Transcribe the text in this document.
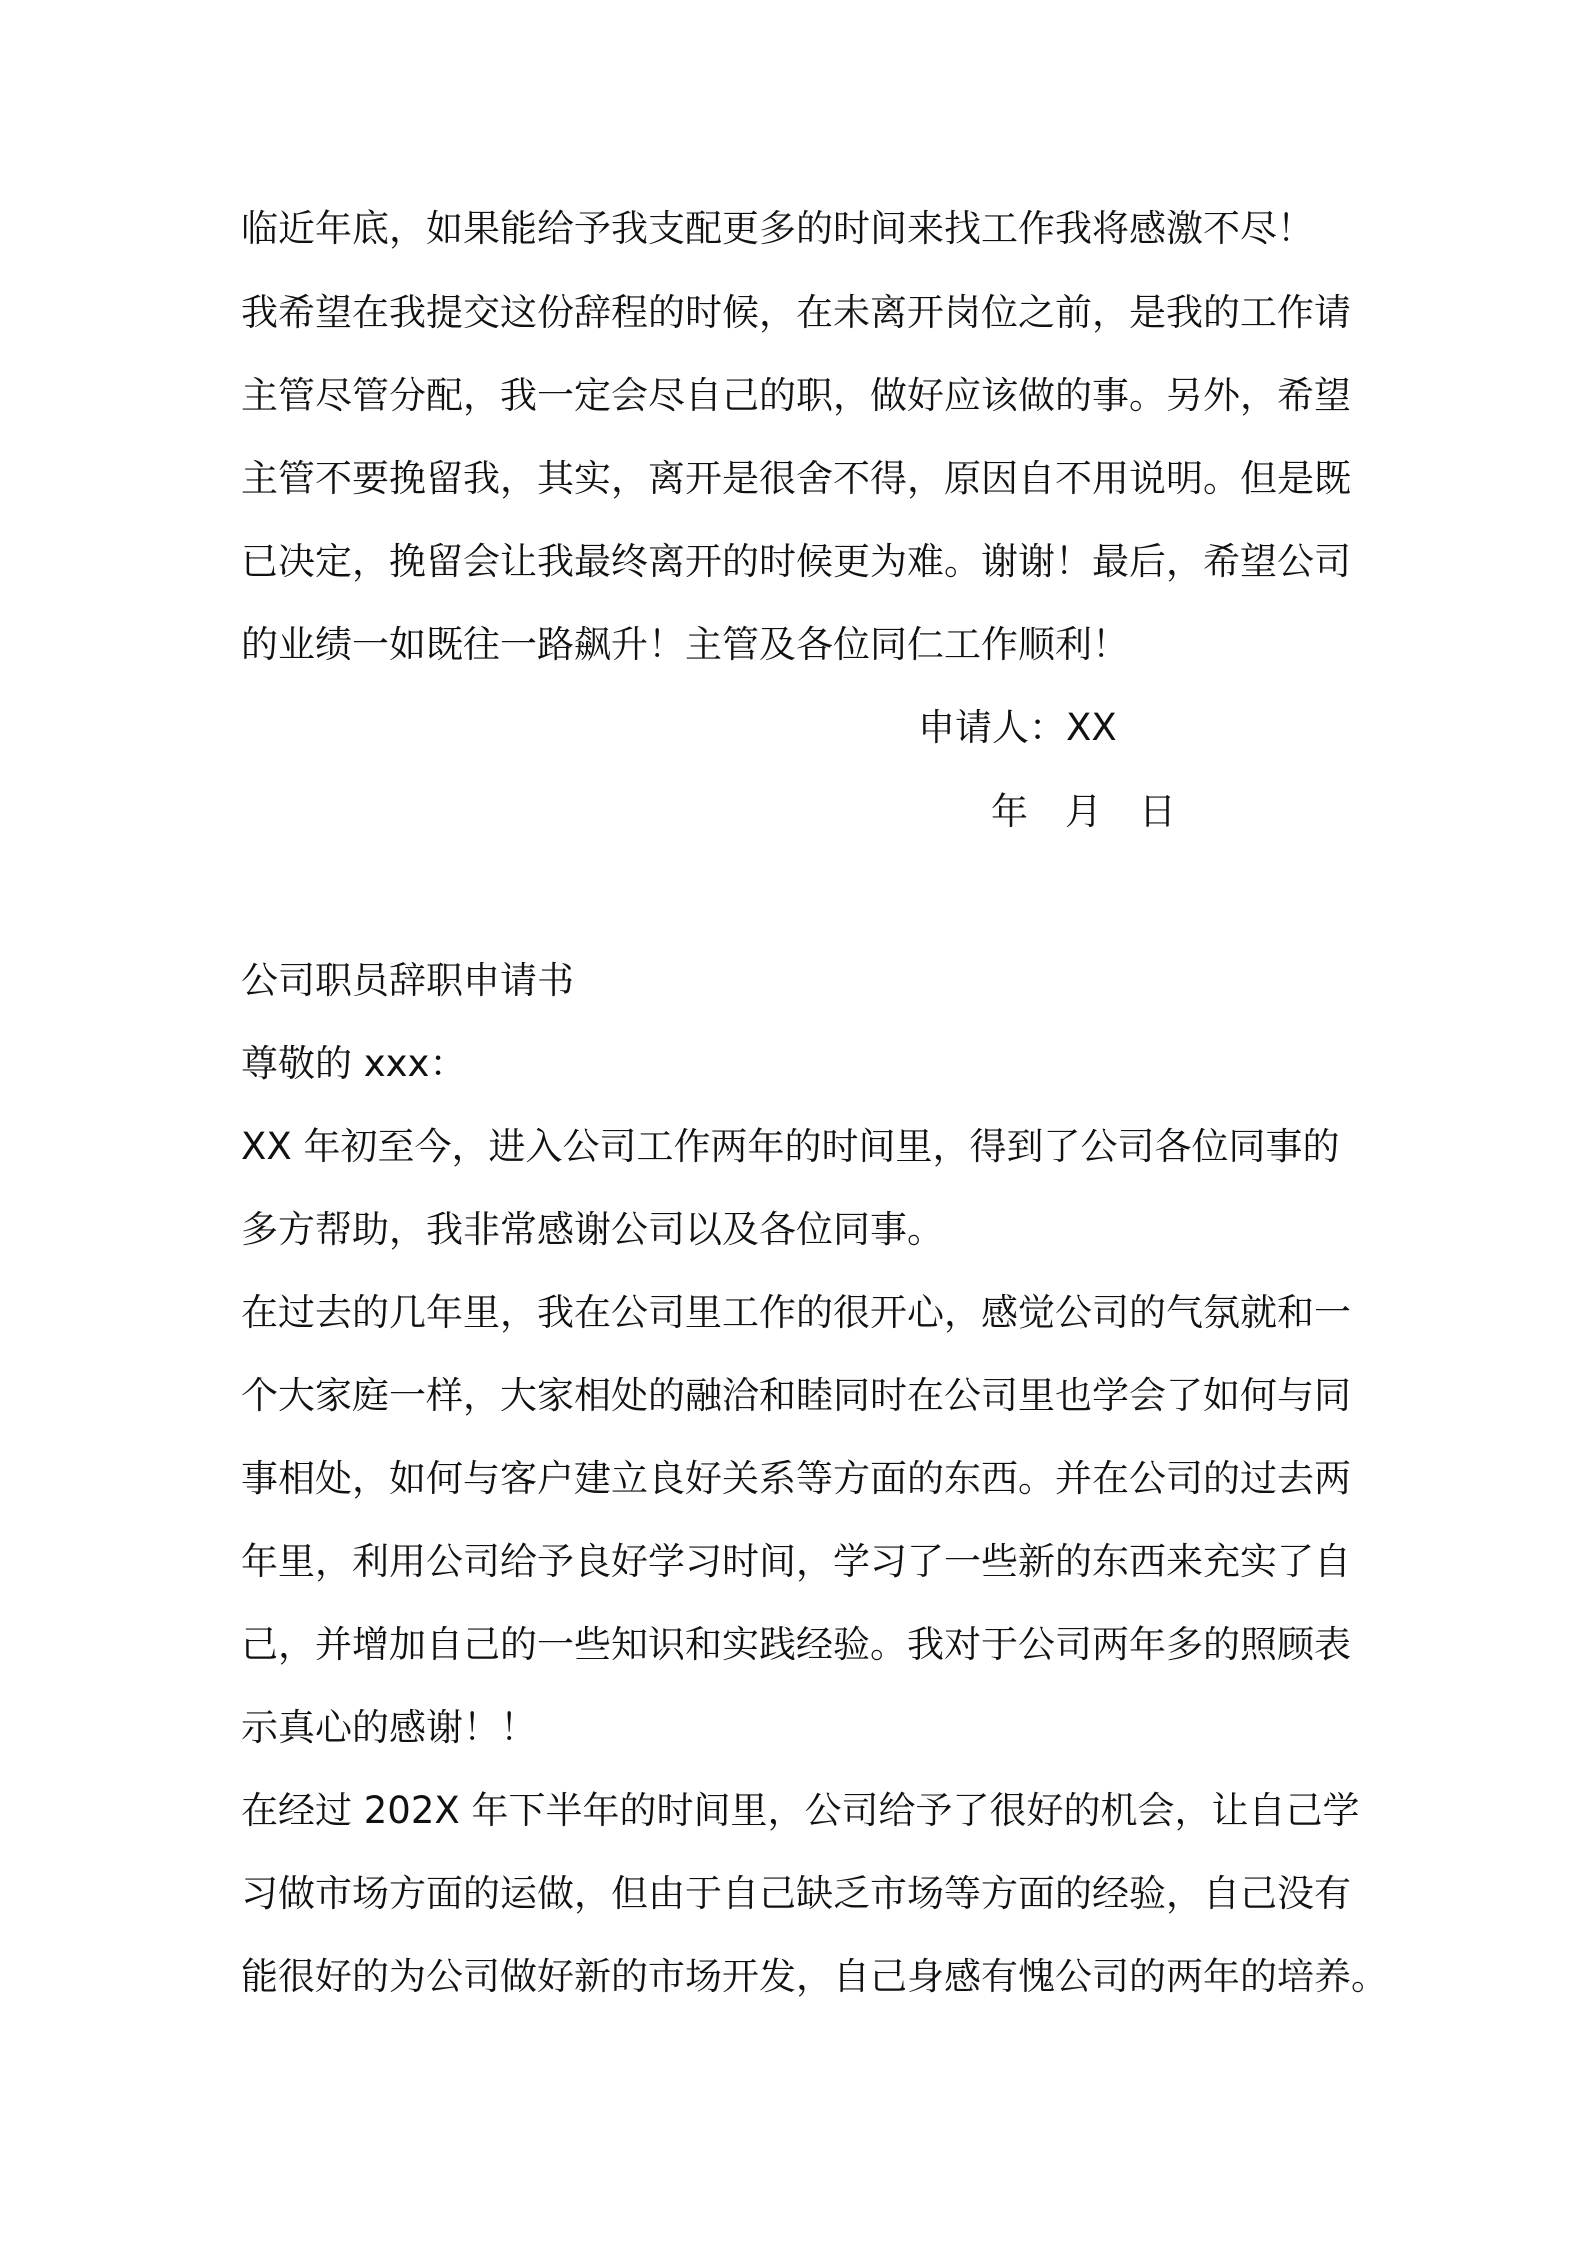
临近年底，如果能给予我支配更多的时间来找工作我将感激不尽！
我希望在我提交这份辞程的时候，在未离开岗位之前，是我的工作请
主管尽管分配，我一定会尽自己的职，做好应该做的事。另外，希望
主管不要挽留我，其实，离开是很舍不得，原因自不用说明。但是既
已决定，挽留会让我最终离开的时候更为难。谢谢！最后，希望公司
的业绩一如既往一路飙升！主管及各位同仁工作顺利！
申请人：XX
年　月　日
公司职员辞职申请书
尊敬的 xxx：
XX 年初至今，进入公司工作两年的时间里，得到了公司各位同事的
多方帮助，我非常感谢公司以及各位同事。
在过去的几年里，我在公司里工作的很开心，感觉公司的气氛就和一
个大家庭一样，大家相处的融洽和睦同时在公司里也学会了如何与同
事相处，如何与客户建立良好关系等方面的东西。并在公司的过去两
年里，利用公司给予良好学习时间，学习了一些新的东西来充实了自
己，并增加自己的一些知识和实践经验。我对于公司两年多的照顾表
示真心的感谢！！
在经过 202X 年下半年的时间里，公司给予了很好的机会，让自己学
习做市场方面的运做，但由于自己缺乏市场等方面的经验，自己没有
能很好的为公司做好新的市场开发，自己身感有愧公司的两年的培养。
